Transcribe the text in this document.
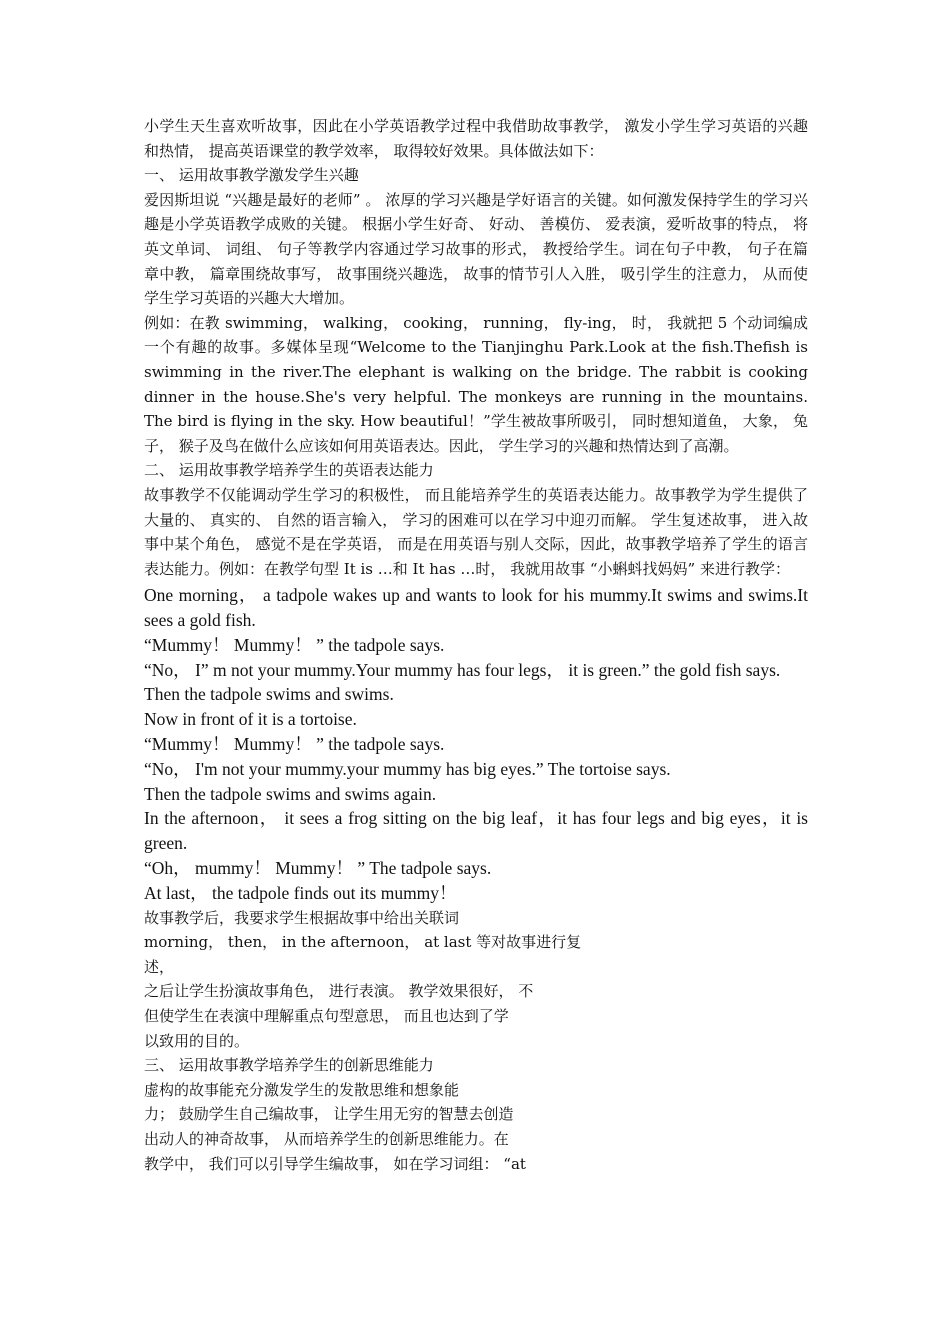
小学生天生喜欢听故事，因此在小学英语教学过程中我借助故事教学， 激发小学生学习英语的兴趣和热情， 提高英语课堂的教学效率， 取得较好效果。具体做法如下：

一、 运用故事教学激发学生兴趣

爱因斯坦说 “兴趣是最好的老师” 。 浓厚的学习兴趣是学好语言的关键。如何激发保持学生的学习兴趣是小学英语教学成败的关键。 根据小学生好奇、 好动、 善模仿、 爱表演，爱听故事的特点， 将英文单词、 词组、 句子等教学内容通过学习故事的形式， 教授给学生。词在句子中教， 句子在篇章中教， 篇章围绕故事写， 故事围绕兴趣选， 故事的情节引人入胜， 吸引学生的注意力， 从而使学生学习英语的兴趣大大增加。

例如：在教 swimming， walking， cooking， running， fly-ing， 时， 我就把 5 个动词编成一个有趣的故事。多媒体呈现“Welcome to the Tianjinghu Park.Look at the fish.Thefish is swimming in the river.The elephant is walking on the bridge. The rabbit is cooking dinner in the house.She's very helpful. The monkeys are running in the mountains. The bird is flying in the sky. How beautiful！”学生被故事所吸引， 同时想知道鱼， 大象， 兔子， 猴子及鸟在做什么应该如何用英语表达。因此， 学生学习的兴趣和热情达到了高潮。

二、 运用故事教学培养学生的英语表达能力

故事教学不仅能调动学生学习的积极性， 而且能培养学生的英语表达能力。故事教学为学生提供了大量的、 真实的、 自然的语言输入， 学习的困难可以在学习中迎刃而解。 学生复述故事， 进入故事中某个角色， 感觉不是在学英语， 而是在用英语与别人交际，因此，故事教学培养了学生的语言表达能力。例如：在教学句型 It is …和 It has …时， 我就用故事 “小蝌蚪找妈妈” 来进行教学：

One morning， a tadpole wakes up and wants to look for his mummy.It swims and swims.It sees a gold fish.

“Mummy！ Mummy！ ” the tadpole says.

“No， I” m not your mummy.Your mummy has four legs， it is green.” the gold fish says.

Then the tadpole swims and swims.

Now in front of it is a tortoise.

“Mummy！ Mummy！ ” the tadpole says.

“No， I'm not your mummy.your mummy has big eyes.” The tortoise says.

Then the tadpole swims and swims again.

In the afternoon， it sees a frog sitting on the big leaf，it has four legs and big eyes，it is green.

“Oh， mummy！ Mummy！ ” The tadpole says.

At last， the tadpole finds out its mummy！

故事教学后，我要求学生根据故事中给出关联词

morning， then， in the afternoon， at last 等对故事进行复述，

之后让学生扮演故事角色， 进行表演。 教学效果很好， 不

但使学生在表演中理解重点句型意思， 而且也达到了学

以致用的目的。

三、 运用故事教学培养学生的创新思维能力

虚构的故事能充分激发学生的发散思维和想象能

力； 鼓励学生自己编故事， 让学生用无穷的智慧去创造

出动人的神奇故事， 从而培养学生的创新思维能力。在

教学中， 我们可以引导学生编故事， 如在学习词组： “at
